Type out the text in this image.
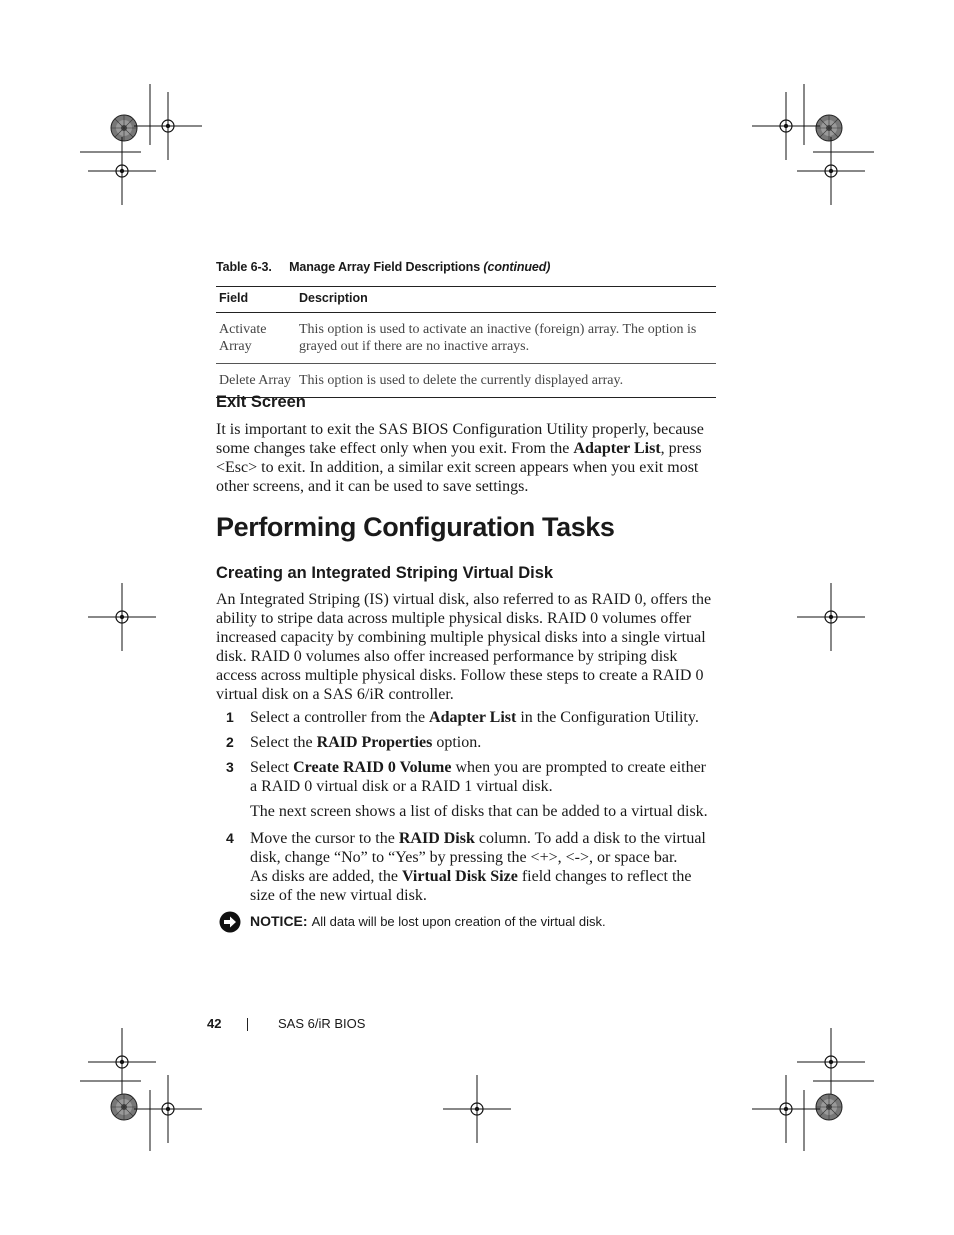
Table 6-3. Manage Array Field Descriptions (continued)
Field	Description
Activate Array	This option is used to activate an inactive (foreign) array. The option is grayed out if there are no inactive arrays.
Delete Array	This option is used to delete the currently displayed array.
Exit Screen
It is important to exit the SAS BIOS Configuration Utility properly, because some changes take effect only when you exit. From the Adapter List, press <Esc> to exit. In addition, a similar exit screen appears when you exit most other screens, and it can be used to save settings.
Performing Configuration Tasks
Creating an Integrated Striping Virtual Disk
An Integrated Striping (IS) virtual disk, also referred to as RAID 0, offers the ability to stripe data across multiple physical disks. RAID 0 volumes offer increased capacity by combining multiple physical disks into a single virtual disk. RAID 0 volumes also offer increased performance by striping disk access across multiple physical disks. Follow these steps to create a RAID 0 virtual disk on a SAS 6/iR controller.
1 Select a controller from the Adapter List in the Configuration Utility.
2 Select the RAID Properties option.
3 Select Create RAID 0 Volume when you are prompted to create either a RAID 0 virtual disk or a RAID 1 virtual disk.
The next screen shows a list of disks that can be added to a virtual disk.
4 Move the cursor to the RAID Disk column. To add a disk to the virtual disk, change “No” to “Yes” by pressing the <+>, <->, or space bar.
As disks are added, the Virtual Disk Size field changes to reflect the size of the new virtual disk.
NOTICE: All data will be lost upon creation of the virtual disk.
42	SAS 6/iR BIOS
